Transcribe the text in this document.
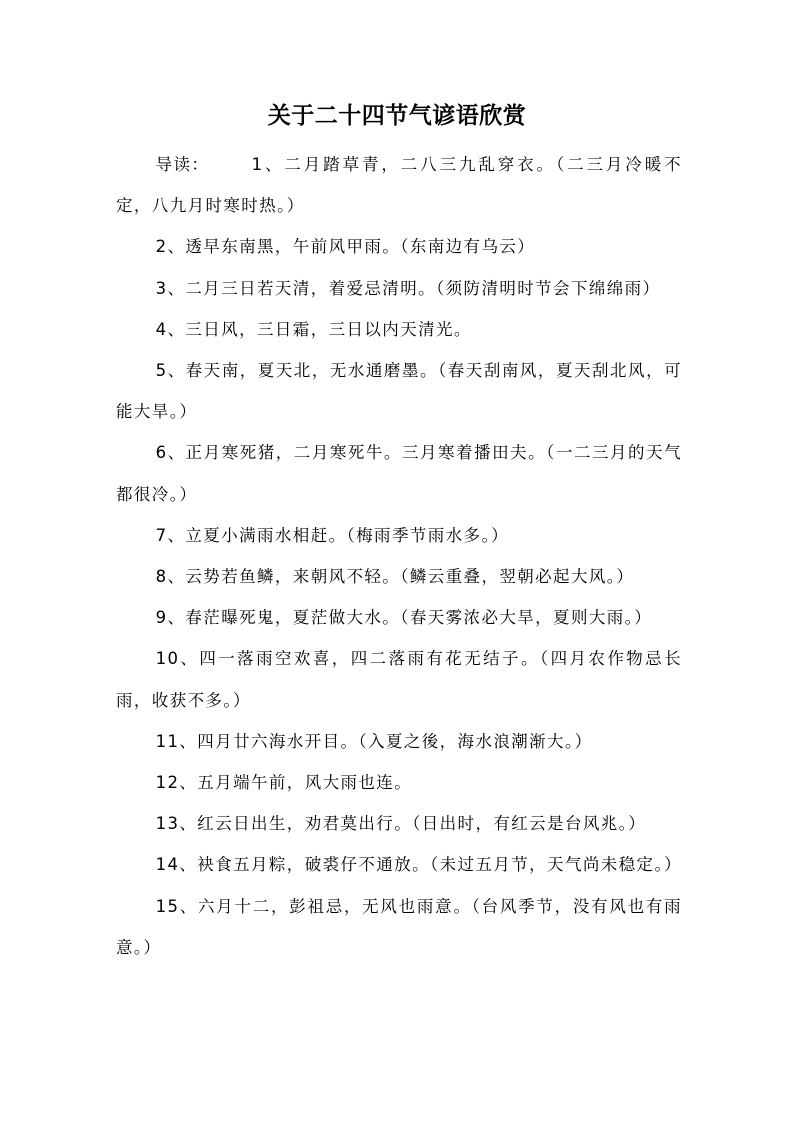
关于二十四节气谚语欣赏

导读：	1、二月踏草青，二八三九乱穿衣。（二三月冷暖不定，八九月时寒时热。）

2、透早东南黑，午前风甲雨。（东南边有乌云）

3、二月三日若天清，着爱忌清明。（须防清明时节会下绵绵雨）

4、三日风，三日霜，三日以内天清光。

5、春天南，夏天北，无水通磨墨。（春天刮南风，夏天刮北风，可能大旱。）

6、正月寒死猪，二月寒死牛。三月寒着播田夫。（一二三月的天气都很冷。）

7、立夏小满雨水相赶。（梅雨季节雨水多。）

8、云势若鱼鳞，来朝风不轻。（鳞云重叠，翌朝必起大风。）

9、春茫曝死鬼，夏茫做大水。（春天雾浓必大旱，夏则大雨。）

10、四一落雨空欢喜，四二落雨有花无结子。（四月农作物忌长雨，收获不多。）

11、四月廿六海水开目。（入夏之後，海水浪潮渐大。）

12、五月端午前，风大雨也连。

13、红云日出生，劝君莫出行。（日出时，有红云是台风兆。）

14、袂食五月粽，破裘仔不通放。（未过五月节，天气尚未稳定。）

15、六月十二，彭祖忌，无风也雨意。（台风季节，没有风也有雨意。）
